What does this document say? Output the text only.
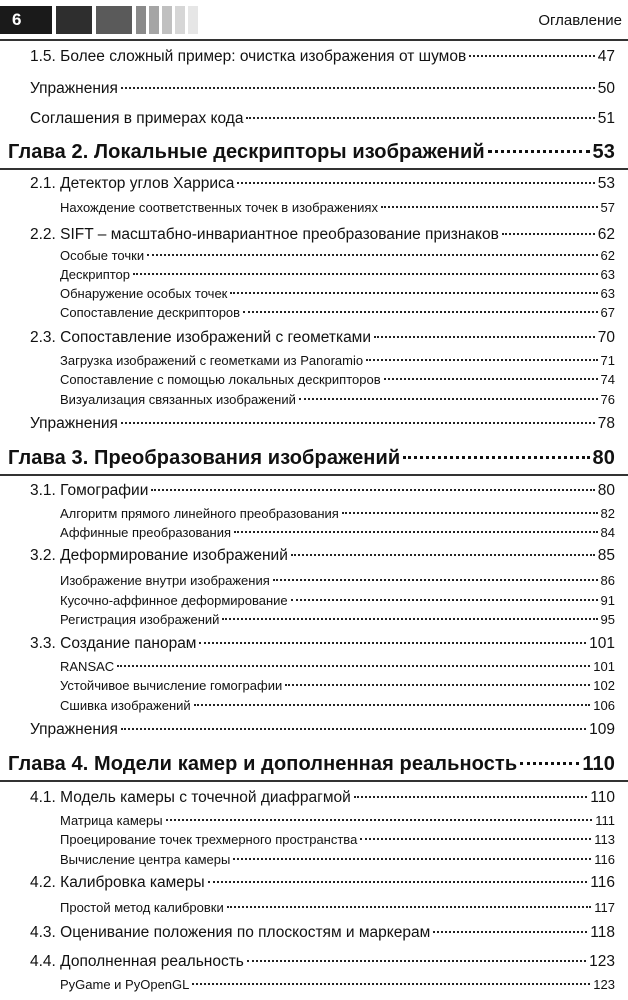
6	Оглавление
1.5. Более сложный пример: очистка изображения от шумов	47
Упражнения	50
Соглашения в примерах кода	51
Глава 2. Локальные дескрипторы изображений	53
2.1. Детектор углов Харриса	53
Нахождение соответственных точек в изображениях	57
2.2. SIFT – масштабно-инвариантное преобразование признаков	62
Особые точки	62
Дескриптор	63
Обнаружение особых точек	63
Сопоставление дескрипторов	67
2.3. Сопоставление изображений с геометками	70
Загрузка изображений с геометками из Panoramio	71
Сопоставление с помощью локальных дескрипторов	74
Визуализация связанных изображений	76
Упражнения	78
Глава 3. Преобразования изображений	80
3.1. Гомографии	80
Алгоритм прямого линейного преобразования	82
Аффинные преобразования	84
3.2. Деформирование изображений	85
Изображение внутри изображения	86
Кусочно-аффинное деформирование	91
Регистрация изображений	95
3.3. Создание панорам	101
RANSAC	101
Устойчивое вычисление гомографии	102
Сшивка изображений	106
Упражнения	109
Глава 4. Модели камер и дополненная реальность	110
4.1. Модель камеры с точечной диафрагмой	110
Матрица камеры	111
Проецирование точек трехмерного пространства	113
Вычисление центра камеры	116
4.2. Калибровка камеры	116
Простой метод калибровки	117
4.3. Оценивание положения по плоскостям и маркерам	118
4.4. Дополненная реальность	123
PyGame и PyOpenGL	123
